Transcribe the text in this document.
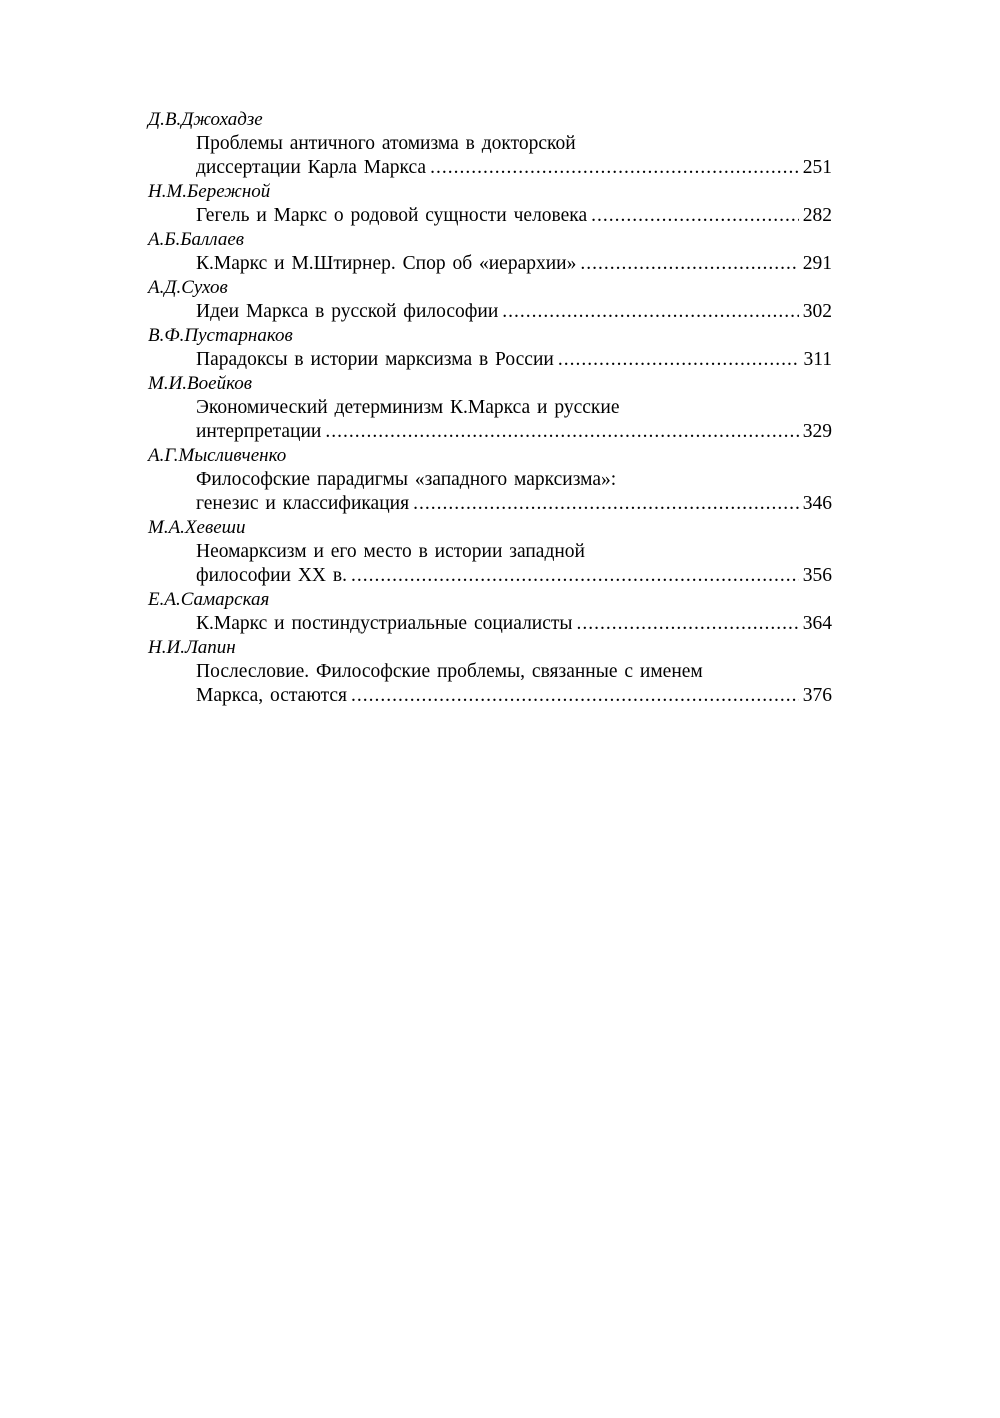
Д.В.Джохадзе
Проблемы античного атомизма в докторской
диссертации Карла Маркса .....	251
Н.М.Бережной
Гегель и Маркс о родовой сущности человека .....	282
А.Б.Баллаев
К.Маркс и М.Штирнер. Спор об «иерархии» .....	291
А.Д.Сухов
Идеи Маркса в русской философии .....	302
В.Ф.Пустарнаков
Парадоксы в истории марксизма в России .....	311
М.И.Воейков
Экономический детерминизм К.Маркса и русские
интерпретации .....	329
А.Г.Мысливченко
Философские парадигмы «западного марксизма»:
генезис и классификация .....	346
М.А.Хевеши
Неомарксизм и его место в истории западной
философии XX в. .....	356
Е.А.Самарская
К.Маркс и постиндустриальные социалисты .....	364
Н.И.Лапин
Послесловие. Философские проблемы, связанные с именем
Маркса, остаются .....	376
